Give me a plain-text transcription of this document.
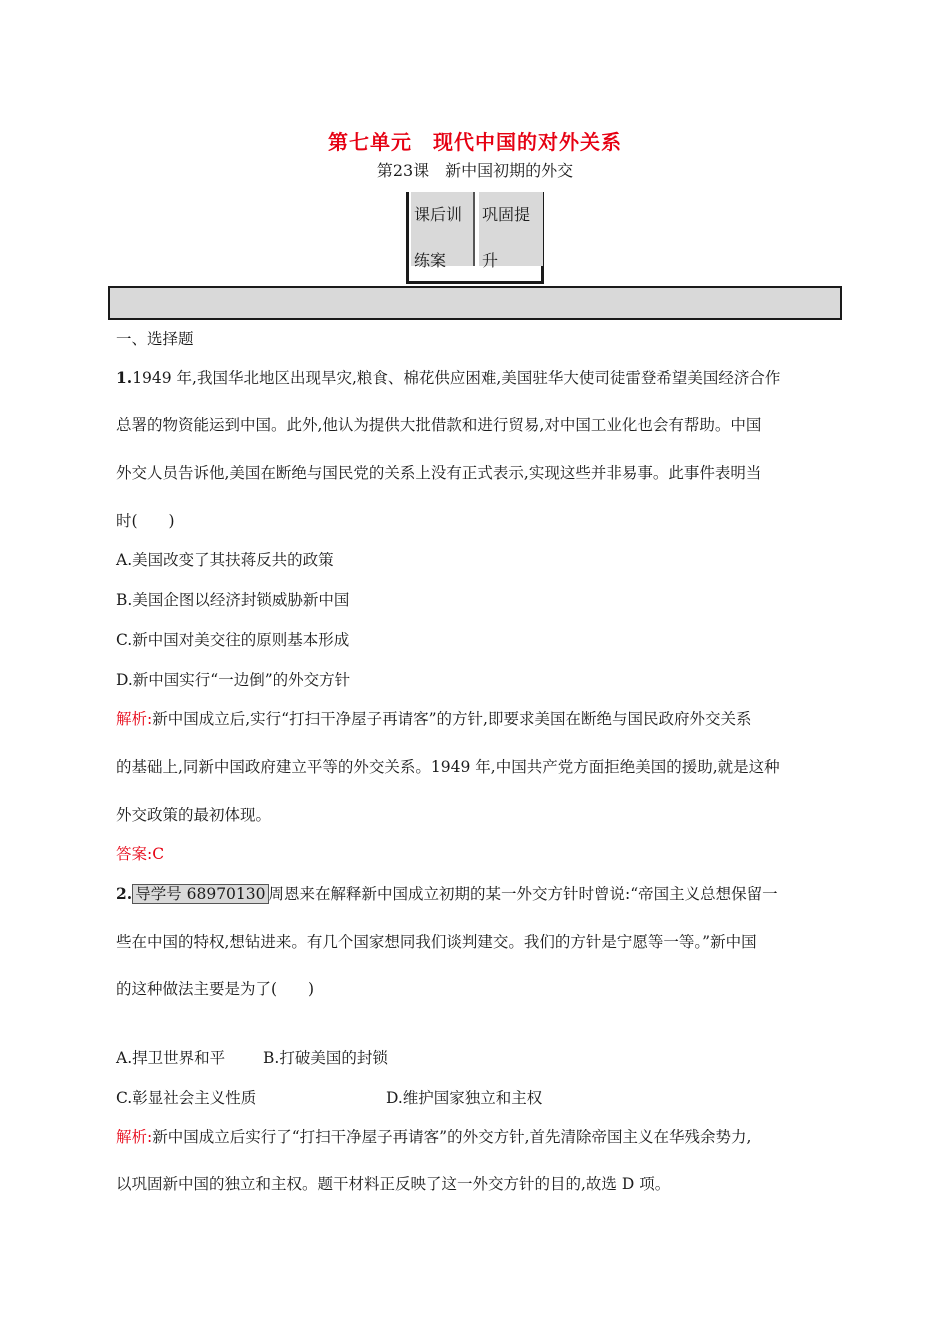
第七单元　现代中国的对外关系
第23课　新中国初期的外交
课后训
练案
巩固提
升
一、选择题
1.1949 年,我国华北地区出现旱灾,粮食、棉花供应困难,美国驻华大使司徒雷登希望美国经济合作
总署的物资能运到中国。此外,他认为提供大批借款和进行贸易,对中国工业化也会有帮助。中国
外交人员告诉他,美国在断绝与国民党的关系上没有正式表示,实现这些并非易事。此事件表明当
时(　　)
A.美国改变了其扶蒋反共的政策
B.美国企图以经济封锁威胁新中国
C.新中国对美交往的原则基本形成
D.新中国实行“一边倒”的外交方针
解析:新中国成立后,实行“打扫干净屋子再请客”的方针,即要求美国在断绝与国民政府外交关系
的基础上,同新中国政府建立平等的外交关系。1949 年,中国共产党方面拒绝美国的援助,就是这种
外交政策的最初体现。
答案:C
2. 导学号 68970130 周恩来在解释新中国成立初期的某一外交方针时曾说:“帝国主义总想保留一
些在中国的特权,想钻进来。有几个国家想同我们谈判建交。我们的方针是宁愿等一等。”新中国
的这种做法主要是为了(　　)
A.捍卫世界和平 B.打破美国的封锁
C.彰显社会主义性质	D.维护国家独立和主权
解析:新中国成立后实行了“打扫干净屋子再请客”的外交方针,首先清除帝国主义在华残余势力,
以巩固新中国的独立和主权。题干材料正反映了这一外交方针的目的,故选 D 项。
